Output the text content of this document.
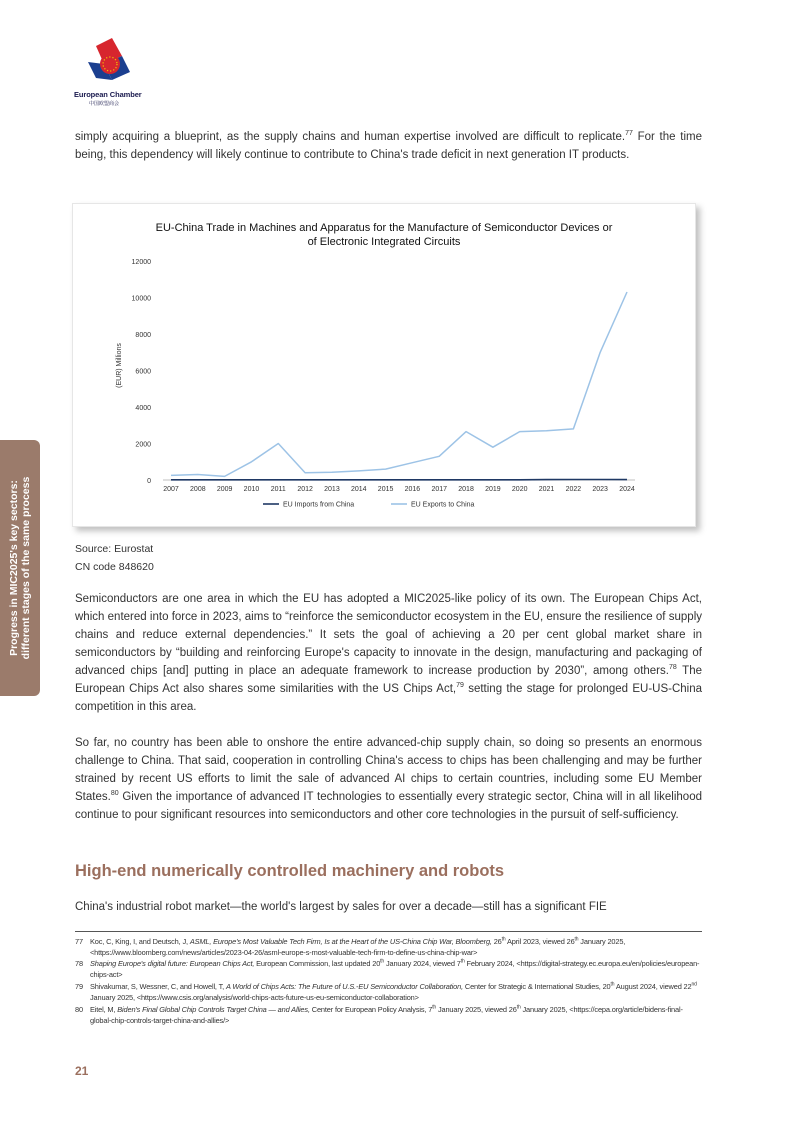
European Chamber
中国欧盟商会

simply acquiring a blueprint, as the supply chains and human expertise involved are difficult to replicate.$^{77}$ For the time being, this dependency will likely continue to contribute to China's trade deficit in next generation IT products.

EU-China Trade in Machines and Apparatus for the Manufacture of Semiconductor Devices or
of Electronic Integrated Circuits
0
2000
4000
6000
8000
10000
12000
(EUR) Millions
2007 2008 2009 2010 2011 2012 2013 2014 2015 2016 2017 2018 2019 2020 2021 2022 2023 2024
EU Imports from China	EU Exports to China
Source: Eurostat
CN code 848620
Progress in MIC2025's key sectors: different stages of the same process	Semiconductors are one area in which the EU has adopted a MIC2025-like policy of its own. The European Chips Act, which entered into force in 2023, aims to “reinforce the semiconductor ecosystem in the EU, ensure the resilience of supply chains and reduce external dependencies.” It sets the goal of achieving a 20 per cent global market share in semiconductors by “building and reinforcing Europe's capacity to innovate in the design, manufacturing and packaging of advanced chips [and] putting in place an adequate framework to increase production by 2030”, among others.$^{78}$ The European Chips Act also shares some similarities with the US Chips Act,$^{79}$ setting the stage for prolonged EU-US-China competition in this area.

So far, no country has been able to onshore the entire advanced-chip supply chain, so doing so presents an enormous challenge to China. That said, cooperation in controlling China's access to chips has been challenging and may be further strained by recent US efforts to limit the sale of advanced AI chips to certain countries, including some EU Member States.$^{80}$ Given the importance of advanced IT technologies to essentially every strategic sector, China will in all likelihood continue to pour significant resources into semiconductors and other core technologies in the pursuit of self-sufficiency.

High-end numerically controlled machinery and robots

China's industrial robot market—the world's largest by sales for over a decade—still has a significant FIE

77 Koc, C, King, I, and Deutsch, J, ASML, Europe's Most Valuable Tech Firm, Is at the Heart of the US-China Chip War, Bloomberg, 26th April 2023, viewed 26th January 2025, <https://www.bloomberg.com/news/articles/2023-04-26/asml-europe-s-most-valuable-tech-firm-to-define-us-china-chip-war>
78 Shaping Europe's digital future: European Chips Act, European Commission, last updated 20th January 2024, viewed 7th February 2024, <https://digital-strategy.ec.europa.eu/en/policies/european-chips-act>
79 Shivakumar, S, Wessner, C, and Howell, T, A World of Chips Acts: The Future of U.S.-EU Semiconductor Collaboration, Center for Strategic & International Studies, 20th August 2024, viewed 22nd January 2025, <https://www.csis.org/analysis/world-chips-acts-future-us-eu-semiconductor-collaboration>
80 Eitel, M, Biden's Final Global Chip Controls Target China — and Allies, Center for European Policy Analysis, 7th January 2025, viewed 26th January 2025, <https://cepa.org/article/bidens-final-global-chip-controls-target-china-and-allies/>
21
